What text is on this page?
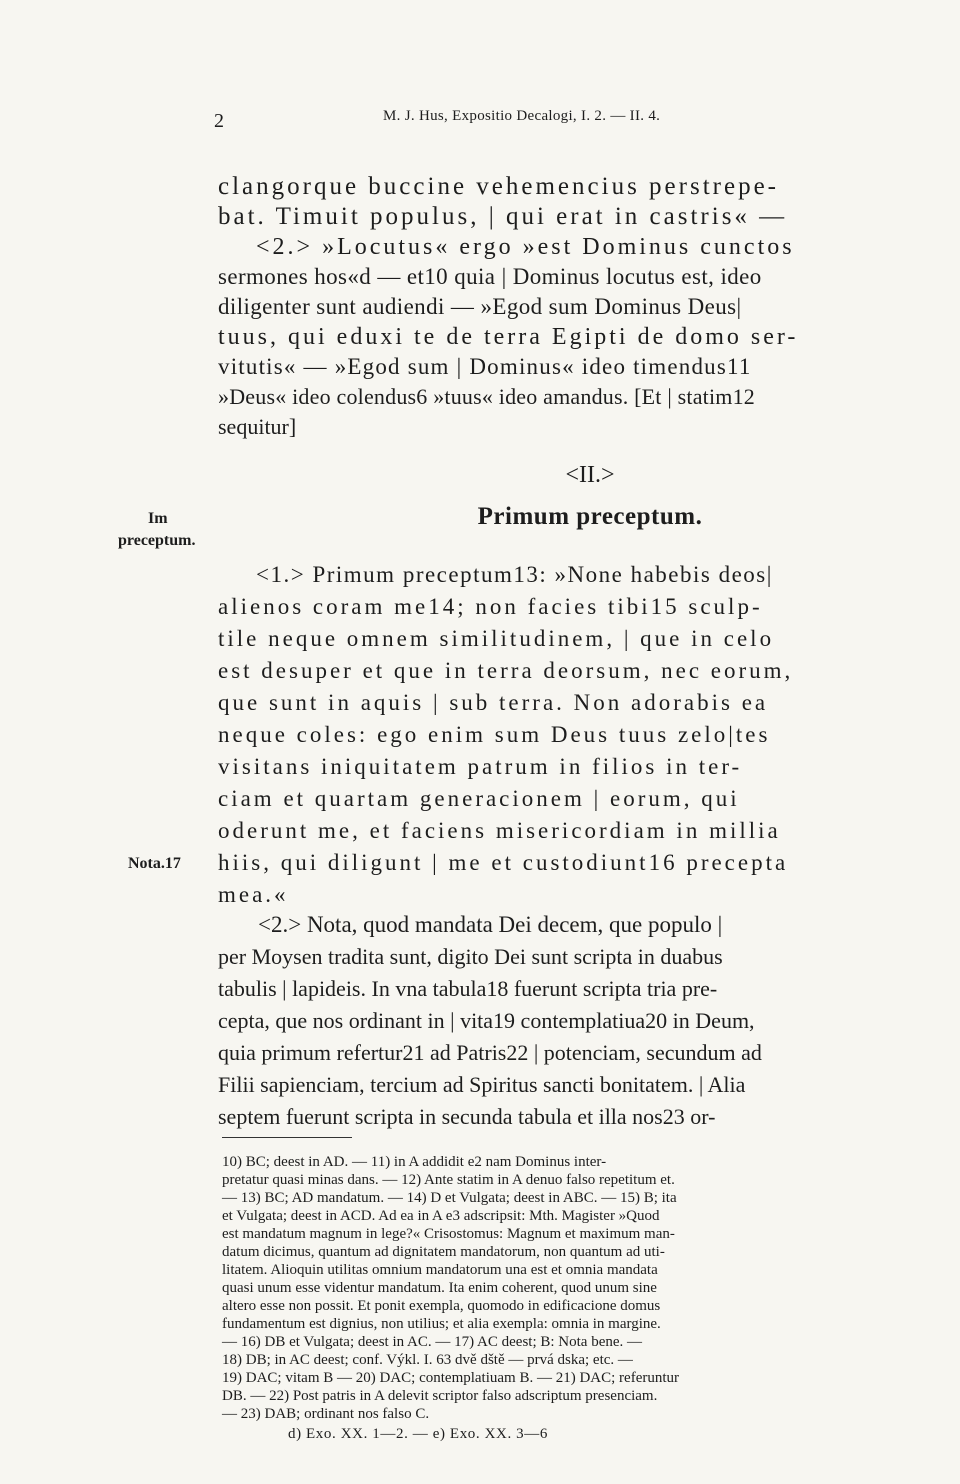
2	M. J. Hus, Expositio Decalogi, I. 2. — II. 4.
clangorque buccine vehemencius perstrepe-
bat. Timuit populus, | qui erat in castris« —
<2.> »Locutus« ergo »est Dominus cunctos
sermones hos«d — et10 quia | Dominus locutus est, ideo
diligenter sunt audiendi — »Egod sum Dominus Deus|
tuus, qui eduxi te de terra Egipti de domo ser-
vitutis« — »Egod sum | Dominus« ideo timendus11
»Deus« ideo colendus6 »tuus« ideo amandus. [Et | statim12
sequitur]
<II.>
Primum preceptum.
Im
preceptum.
Nota.17
<1.> Primum preceptum13: »None habebis deos|
alienos coram me14; non facies tibi15 sculp-
tile neque omnem similitudinem, | que in celo
est desuper et que in terra deorsum, nec eorum,
que sunt in aquis | sub terra. Non adorabis ea
neque coles: ego enim sum Deus tuus zelo|tes
visitans iniquitatem patrum in filios in ter-
ciam et quartam generacionem | eorum, qui
oderunt me, et faciens misericordiam in millia
hiis, qui diligunt | me et custodiunt16 precepta
mea.«
<2.> Nota, quod mandata Dei decem, que populo |
per Moysen tradita sunt, digito Dei sunt scripta in duabus
tabulis | lapideis. In vna tabula18 fuerunt scripta tria pre-
cepta, que nos ordinant in | vita19 contemplatiua20 in Deum,
quia primum refertur21 ad Patris22 | potenciam, secundum ad
Filii sapienciam, tercium ad Spiritus sancti bonitatem. | Alia
septem fuerunt scripta in secunda tabula et illa nos23 or-
10) BC; deest in AD. — 11) in A addidit e2 nam Dominus inter-
pretatur quasi minas dans. — 12) Ante statim in A denuo falso repetitum et.
— 13) BC; AD mandatum. — 14) D et Vulgata; deest in ABC. — 15) B; ita
et Vulgata; deest in ACD. Ad ea in A e3 adscripsit: Mth. Magister »Quod
est mandatum magnum in lege?« Crisostomus: Magnum et maximum man-
datum dicimus, quantum ad dignitatem mandatorum, non quantum ad uti-
litatem. Alioquin utilitas omnium mandatorum una est et omnia mandata
quasi unum esse videntur mandatum. Ita enim coherent, quod unum sine
altero esse non possit. Et ponit exempla, quomodo in edificacione domus
fundamentum est dignius, non utilius; et alia exempla: omnia in margine.
— 16) DB et Vulgata; deest in AC. — 17) AC deest; B: Nota bene. —
18) DB; in AC deest; conf. Výkl. I. 63 dvě dště — prvá dska; etc. —
19) DAC; vitam B — 20) DAC; contemplatiuam B. — 21) DAC; referuntur
DB. — 22) Post patris in A delevit scriptor falso adscriptum presenciam.
— 23) DAB; ordinant nos falso C.
d) Exo. XX. 1—2. — e) Exo. XX. 3—6
